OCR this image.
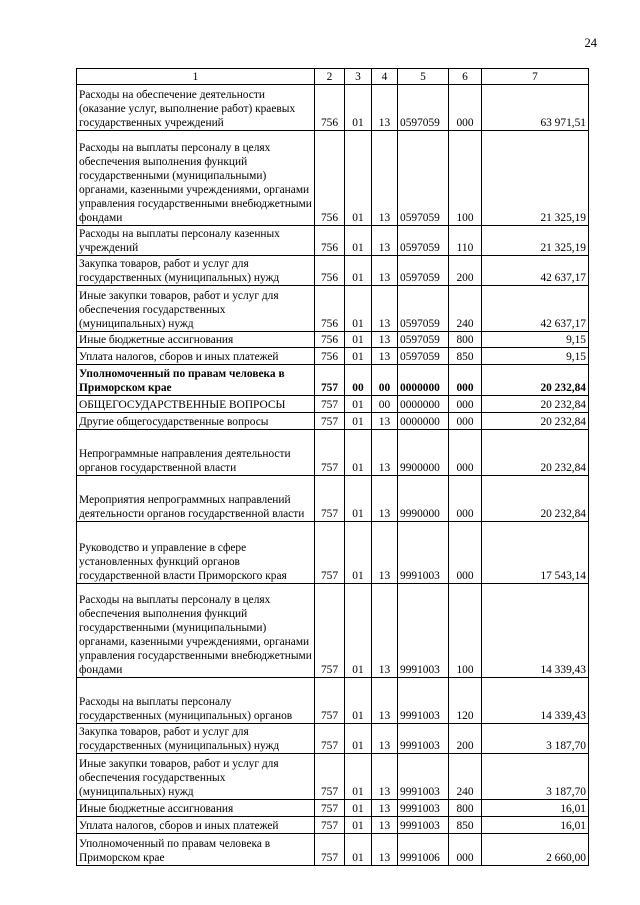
24
1	2	3	4	5	6	7
Расходы на обеспечение деятельности (оказание услуг, выполнение работ) краевых государственных учреждений	756	01	13	0597059	000	63 971,51
Расходы на выплаты персоналу в целях обеспечения выполнения функций государственными (муниципальными) органами, казенными учреждениями, органами управления государственными внебюджетными фондами	756	01	13	0597059	100	21 325,19
Расходы на выплаты персоналу казенных учреждений	756	01	13	0597059	110	21 325,19
Закупка товаров, работ и услуг для государственных (муниципальных) нужд	756	01	13	0597059	200	42 637,17
Иные закупки товаров, работ и услуг для обеспечения государственных (муниципальных) нужд	756	01	13	0597059	240	42 637,17
Иные бюджетные ассигнования	756	01	13	0597059	800	9,15
Уплата налогов, сборов и иных платежей	756	01	13	0597059	850	9,15
Уполномоченный по правам человека в Приморском крае	757	00	00	0000000	000	20 232,84
ОБЩЕГОСУДАРСТВЕННЫЕ ВОПРОСЫ	757	01	00	0000000	000	20 232,84
Другие общегосударственные вопросы	757	01	13	0000000	000	20 232,84
Непрограммные направления деятельности органов государственной власти	757	01	13	9900000	000	20 232,84
Мероприятия непрограммных направлений деятельности органов государственной власти	757	01	13	9990000	000	20 232,84
Руководство и управление в сфере установленных функций органов государственной власти Приморского края	757	01	13	9991003	000	17 543,14
Расходы на выплаты персоналу в целях обеспечения выполнения функций государственными (муниципальными) органами, казенными учреждениями, органами управления государственными внебюджетными фондами	757	01	13	9991003	100	14 339,43
Расходы на выплаты персоналу государственных (муниципальных) органов	757	01	13	9991003	120	14 339,43
Закупка товаров, работ и услуг для государственных (муниципальных) нужд	757	01	13	9991003	200	3 187,70
Иные закупки товаров, работ и услуг для обеспечения государственных (муниципальных) нужд	757	01	13	9991003	240	3 187,70
Иные бюджетные ассигнования	757	01	13	9991003	800	16,01
Уплата налогов, сборов и иных платежей	757	01	13	9991003	850	16,01
Уполномоченный по правам человека в Приморском крае	757	01	13	9991006	000	2 660,00
